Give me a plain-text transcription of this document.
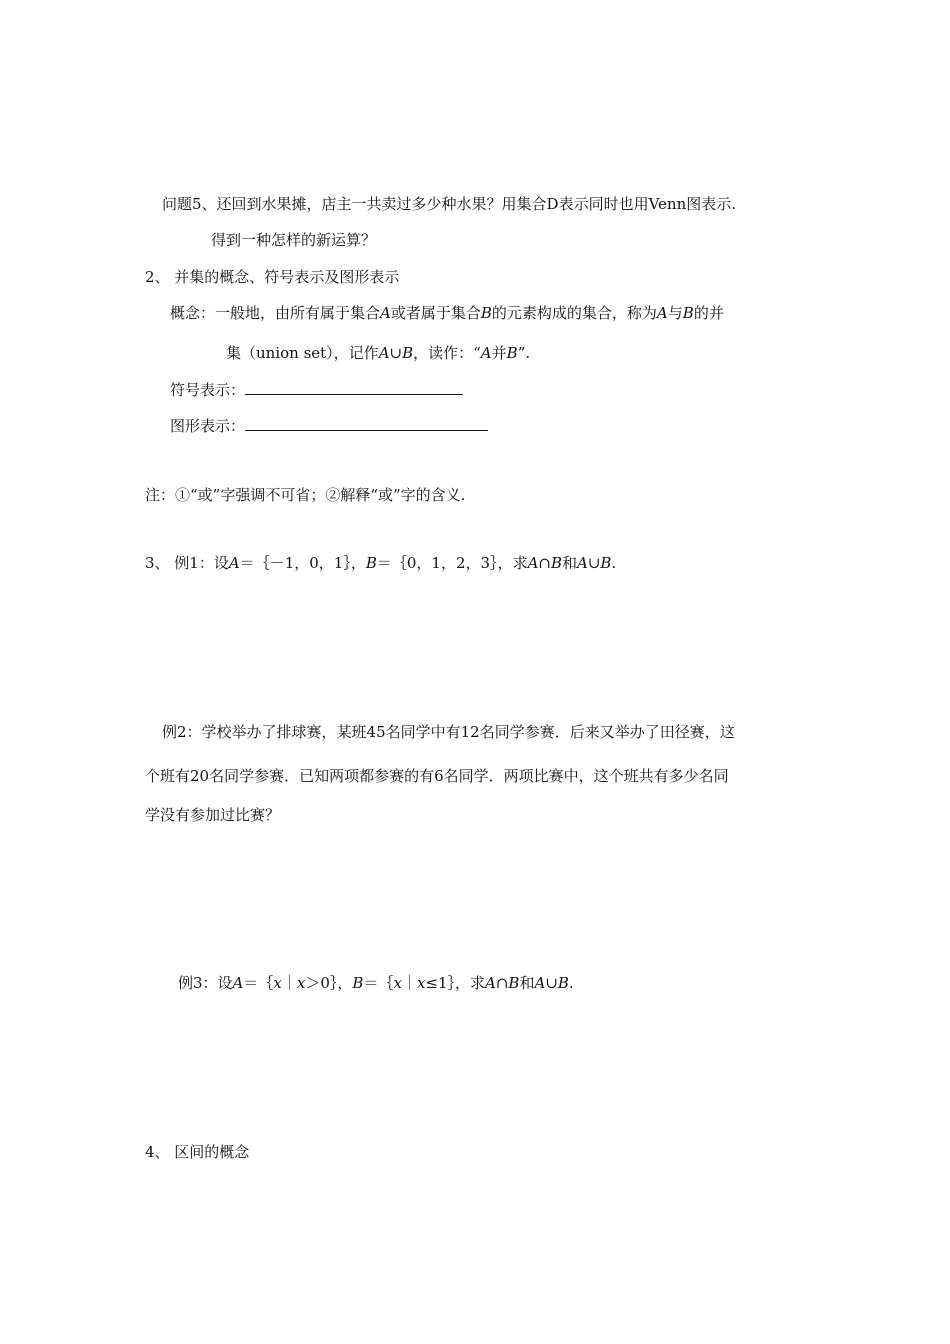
问题5、还回到水果摊，店主一共卖过多少种水果？用集合D表示同时也用Venn图表示.
得到一种怎样的新运算？
2、 并集的概念、符号表示及图形表示
概念：一般地，由所有属于集合A或者属于集合B的元素构成的集合，称为A与B的并
集（union set），记作A∪B，读作：“A并B”.
符号表示：
图形表示：
注：①“或”字强调不可省；②解释“或”字的含义.
3、 例1：设A＝｛－1，0，1｝，B＝｛0，1，2，3｝，求A∩B和A∪B.
例2：学校举办了排球赛，某班45名同学中有12名同学参赛．后来又举办了田径赛，这
个班有20名同学参赛．已知两项都参赛的有6名同学．两项比赛中，这个班共有多少名同
学没有参加过比赛？
例3：设A＝｛x｜x＞0｝，B＝｛x｜x≤1｝，求A∩B和A∪B.
4、 区间的概念
